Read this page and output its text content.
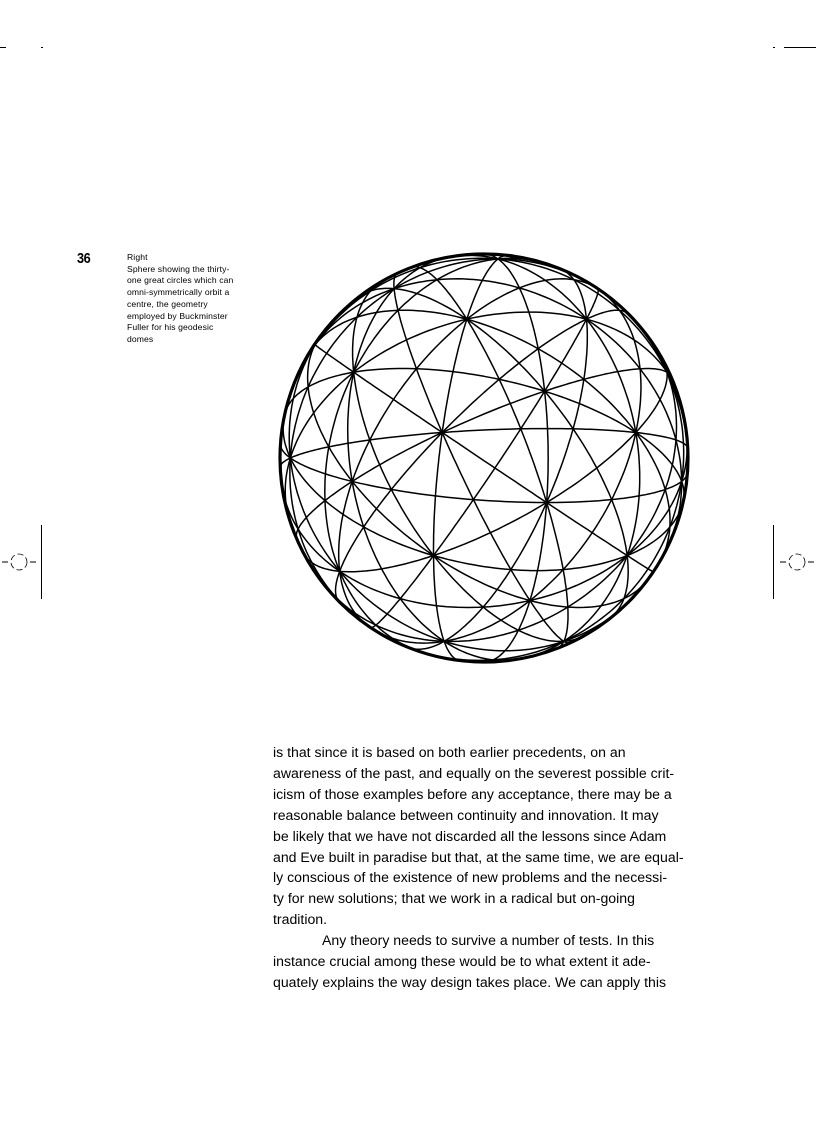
36	Right
Sphere showing the thirty-
one great circles which can
omni-symmetrically orbit a
centre, the geometry
employed by Buckminster
Fuller for his geodesic
domes
is that since it is based on both earlier precedents, on an
awareness of the past, and equally on the severest possible crit-
icism of those examples before any acceptance, there may be a
reasonable balance between continuity and innovation. It may
be likely that we have not discarded all the lessons since Adam
and Eve built in paradise but that, at the same time, we are equal-
ly conscious of the existence of new problems and the necessi-
ty for new solutions; that we work in a radical but on-going
tradition.
Any theory needs to survive a number of tests. In this
instance crucial among these would be to what extent it ade-
quately explains the way design takes place. We can apply this
